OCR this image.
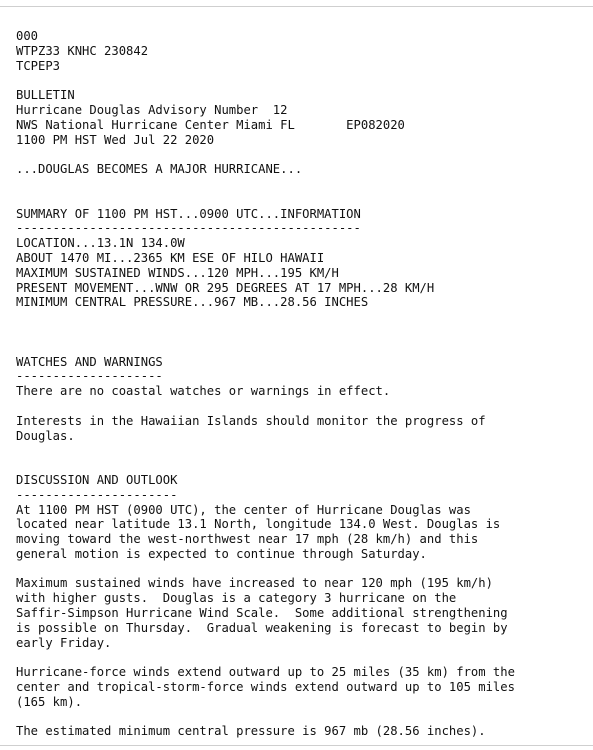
000
WTPZ33 KNHC 230842
TCPEP3
BULLETIN
Hurricane Douglas Advisory Number  12
NWS National Hurricane Center Miami FL       EP082020
1100 PM HST Wed Jul 22 2020
...DOUGLAS BECOMES A MAJOR HURRICANE...
SUMMARY OF 1100 PM HST...0900 UTC...INFORMATION
-----------------------------------------------
LOCATION...13.1N 134.0W
ABOUT 1470 MI...2365 KM ESE OF HILO HAWAII
MAXIMUM SUSTAINED WINDS...120 MPH...195 KM/H
PRESENT MOVEMENT...WNW OR 295 DEGREES AT 17 MPH...28 KM/H
MINIMUM CENTRAL PRESSURE...967 MB...28.56 INCHES
WATCHES AND WARNINGS
--------------------
There are no coastal watches or warnings in effect.
Interests in the Hawaiian Islands should monitor the progress of
Douglas.
DISCUSSION AND OUTLOOK
----------------------
At 1100 PM HST (0900 UTC), the center of Hurricane Douglas was
located near latitude 13.1 North, longitude 134.0 West. Douglas is
moving toward the west-northwest near 17 mph (28 km/h) and this
general motion is expected to continue through Saturday.
Maximum sustained winds have increased to near 120 mph (195 km/h)
with higher gusts.  Douglas is a category 3 hurricane on the
Saffir-Simpson Hurricane Wind Scale.  Some additional strengthening
is possible on Thursday.  Gradual weakening is forecast to begin by
early Friday.
Hurricane-force winds extend outward up to 25 miles (35 km) from the
center and tropical-storm-force winds extend outward up to 105 miles
(165 km).
The estimated minimum central pressure is 967 mb (28.56 inches).
